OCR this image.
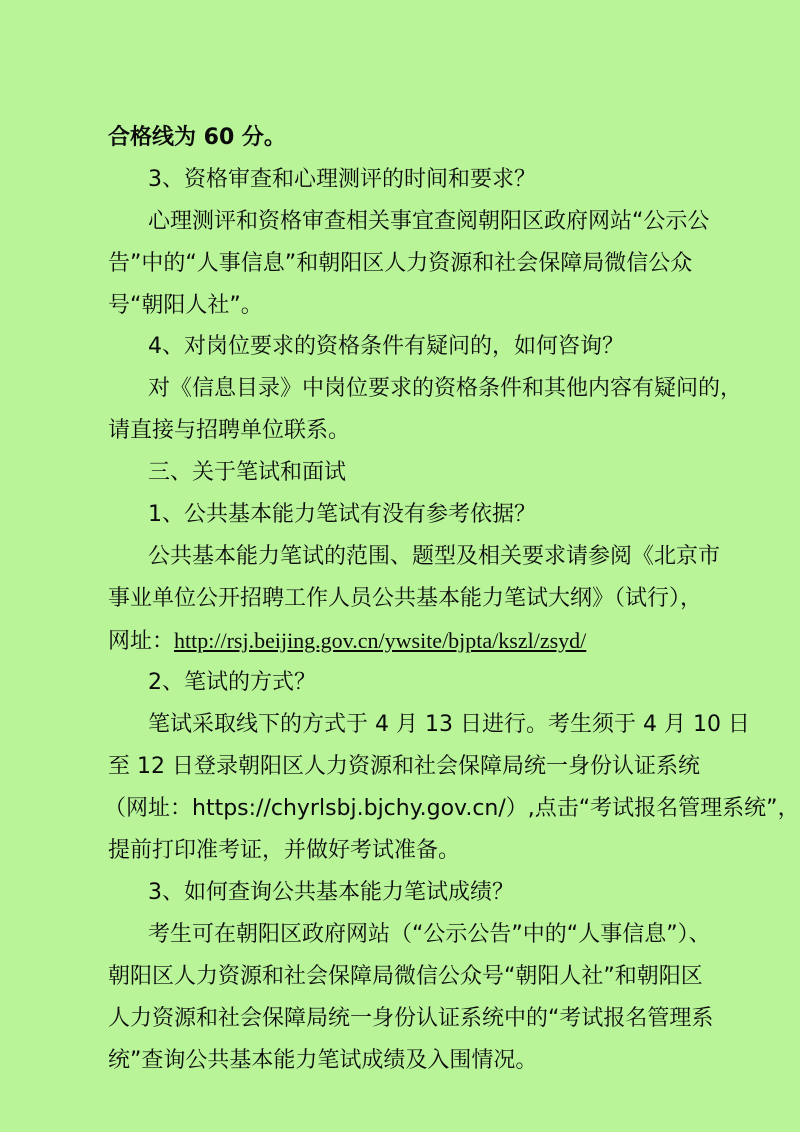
合格线为 60 分。
3、资格审查和心理测评的时间和要求？
心理测评和资格审查相关事宜查阅朝阳区政府网站“公示公
告”中的“人事信息”和朝阳区人力资源和社会保障局微信公众
号“朝阳人社”。
4、对岗位要求的资格条件有疑问的，如何咨询？
对《信息目录》中岗位要求的资格条件和其他内容有疑问的，
请直接与招聘单位联系。
三、关于笔试和面试
1、公共基本能力笔试有没有参考依据？
公共基本能力笔试的范围、题型及相关要求请参阅《北京市
事业单位公开招聘工作人员公共基本能力笔试大纲》（试行），
网址：http://rsj.beijing.gov.cn/ywsite/bjpta/kszl/zsyd/
2、笔试的方式？
笔试采取线下的方式于 4 月 13 日进行。考生须于 4 月 10 日
至 12 日登录朝阳区人力资源和社会保障局统一身份认证系统
（网址：https://chyrlsbj.bjchy.gov.cn/）,点击“考试报名管理系统”，
提前打印准考证，并做好考试准备。
3、如何查询公共基本能力笔试成绩？
考生可在朝阳区政府网站（“公示公告”中的“人事信息”）、
朝阳区人力资源和社会保障局微信公众号“朝阳人社”和朝阳区
人力资源和社会保障局统一身份认证系统中的“考试报名管理系
统”查询公共基本能力笔试成绩及入围情况。
